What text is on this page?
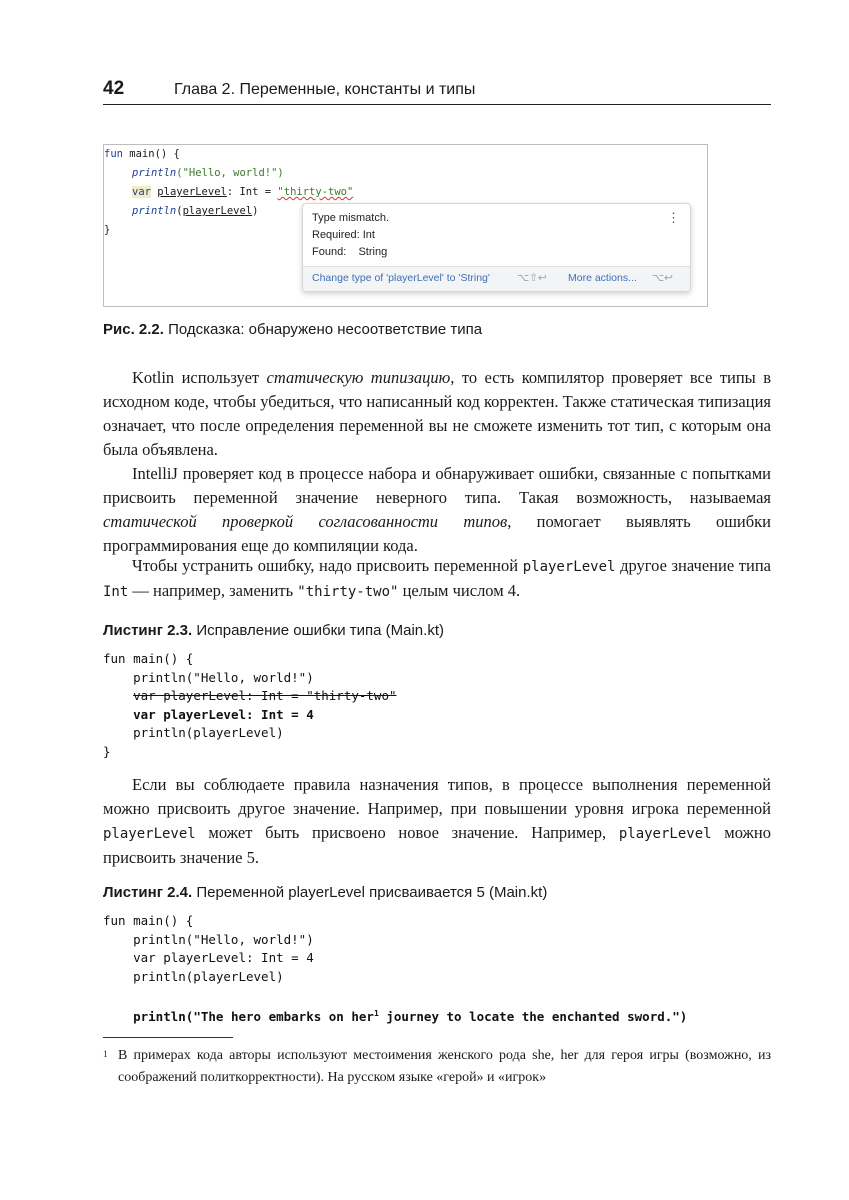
42	Глава 2. Переменные, константы и типы
fun main() {
println("Hello, world!")
var playerLevel: Int = "thirty-two"
println(playerLevel)
}
Type mismatch.
Required: Int
Found:    String
⋮
Change type of 'playerLevel' to 'String'	⌥⇧↩ More actions... ⌥↩
Рис. 2.2. Подсказка: обнаружено несоответствие типа
Kotlin использует статическую типизацию, то есть компилятор проверяет все типы в исходном коде, чтобы убедиться, что написанный код корректен. Также статическая типизация означает, что после определения переменной вы не сможете изменить тот тип, с которым она была объявлена.
IntelliJ проверяет код в процессе набора и обнаруживает ошибки, связанные с попытками присвоить переменной значение неверного типа. Такая возможность, называемая статической проверкой согласованности типов, помогает выявлять ошибки программирования еще до компиляции кода.
Чтобы устранить ошибку, надо присвоить переменной playerLevel другое значение типа Int — например, заменить "thirty-two" целым числом 4.
Листинг 2.3. Исправление ошибки типа (Main.kt)
fun main() {
println("Hello, world!")
var playerLevel: Int = "thirty-two"
var playerLevel: Int = 4
println(playerLevel)
}
Если вы соблюдаете правила назначения типов, в процессе выполнения переменной можно присвоить другое значение. Например, при повышении уровня игрока переменной playerLevel может быть присвоено новое значение. Например, playerLevel можно присвоить значение 5.
Листинг 2.4. Переменной playerLevel присваивается 5 (Main.kt)
fun main() {
println("Hello, world!")
var playerLevel: Int = 4
println(playerLevel)

println("The hero embarks on her$^1$ journey to locate the enchanted sword.")
1 В примерах кода авторы используют местоимения женского рода she, her для героя игры (возможно, из соображений политкорректности). На русском языке «герой» и «игрок»
